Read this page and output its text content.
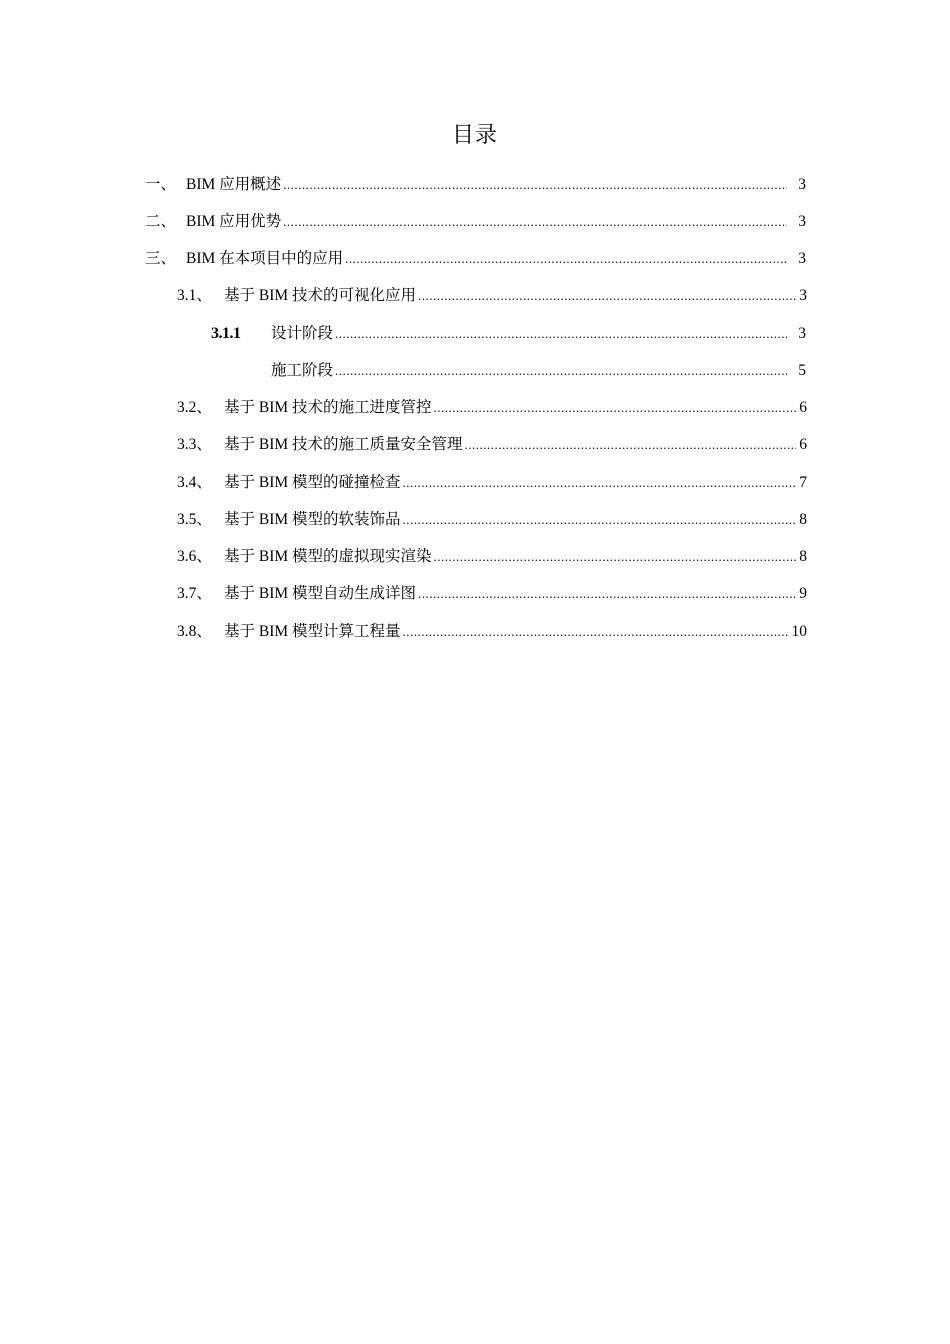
目录
一、 BIM 应用概述 .....	3
二、 BIM 应用优势 .....	3
三、 BIM 在本项目中的应用 .....	3
3.1、 基于 BIM 技术的可视化应用 .....	3
3.1.1	设计阶段 .....	3
施工阶段 .....	5
3.2、 基于 BIM 技术的施工进度管控 .....	6
3.3、 基于 BIM 技术的施工质量安全管理 .....	6
3.4、 基于 BIM 模型的碰撞检查 .....	7
3.5、 基于 BIM 模型的软装饰品 .....	8
3.6、 基于 BIM 模型的虚拟现实渲染 .....	8
3.7、 基于 BIM 模型自动生成详图 .....	9
3.8、 基于 BIM 模型计算工程量 .....	10
